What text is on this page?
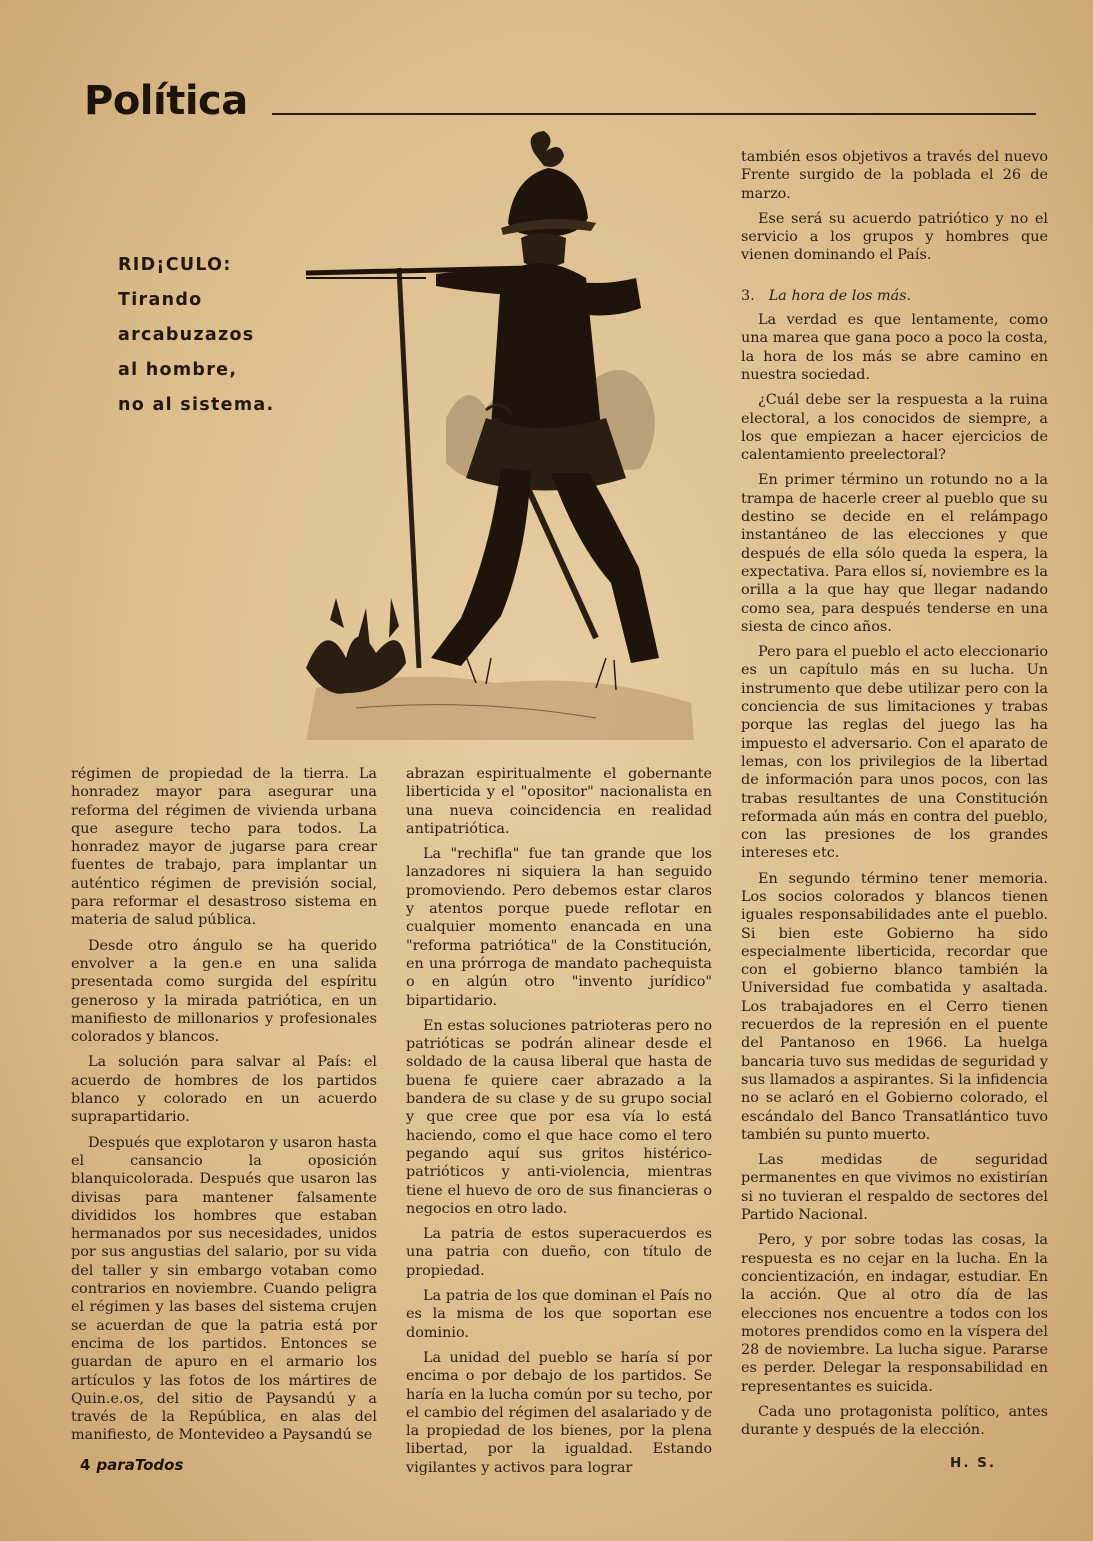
Política
RID¡CULO:
Tirando
arcabuzazos
al hombre,
no al sistema.

régimen de propiedad de la tierra. La honradez mayor para asegurar una reforma del régimen de vivienda urbana que asegure techo para todos. La honradez mayor de jugarse para crear fuentes de trabajo, para implantar un auténtico régimen de previsión social, para reformar el desastroso sistema en materia de salud pública.

Desde otro ángulo se ha querido envolver a la gen.e en una salida presentada como surgida del espíritu generoso y la mirada patriótica, en un manifiesto de millonarios y profesionales colorados y blancos.

La solución para salvar al País: el acuerdo de hombres de los partidos blanco y colorado en un acuerdo suprapartidario.

Después que explotaron y usaron hasta el cansancio la oposición blanquicolorada. Después que usaron las divisas para mantener falsamente divididos los hombres que estaban hermanados por sus necesidades, unidos por sus angustias del salario, por su vida del taller y sin embargo votaban como contrarios en noviembre. Cuando peligra el régimen y las bases del sistema crujen se acuerdan de que la patria está por encima de los partidos. Entonces se guardan de apuro en el armario los artículos y las fotos de los mártires de Quin.e.os, del sitio de Paysandú y a través de la República, en alas del manifiesto, de Montevideo a Paysandú se

abrazan espiritualmente el gobernante liberticida y el "opositor" nacionalista en una nueva coincidencia en realidad antipatriótica.

La "rechifla" fue tan grande que los lanzadores ni siquiera la han seguido promoviendo. Pero debemos estar claros y atentos porque puede reflotar en cualquier momento enancada en una "reforma patriótica" de la Constitución, en una prórroga de mandato pachequista o en algún otro "invento jurídico" bipartidario.

En estas soluciones patrioteras pero no patrióticas se podrán alinear desde el soldado de la causa liberal que hasta de buena fe quiere caer abrazado a la bandera de su clase y de su grupo social y que cree que por esa vía lo está haciendo, como el que hace como el tero pegando aquí sus gritos histérico-patrióticos y anti-violencia, mientras tiene el huevo de oro de sus financieras o negocios en otro lado.

La patria de estos superacuerdos es una patria con dueño, con título de propiedad.

La patria de los que dominan el País no es la misma de los que soportan ese dominio.

La unidad del pueblo se haría sí por encima o por debajo de los partidos. Se haría en la lucha común por su techo, por el cambio del régimen del asalariado y de la propiedad de los bienes, por la plena libertad, por la igualdad. Estando vigilantes y activos para lograr

también esos objetivos a través del nuevo Frente surgido de la poblada el 26 de marzo.

Ese será su acuerdo patriótico y no el servicio a los grupos y hombres que vienen dominando el País.

3. La hora de los más.

La verdad es que lentamente, como una marea que gana poco a poco la costa, la hora de los más se abre camino en nuestra sociedad.

¿Cuál debe ser la respuesta a la ruina electoral, a los conocidos de siempre, a los que empiezan a hacer ejercicios de calentamiento preelectoral?

En primer término un rotundo no a la trampa de hacerle creer al pueblo que su destino se decide en el relámpago instantáneo de las elecciones y que después de ella sólo queda la espera, la expectativa. Para ellos sí, noviembre es la orilla a la que hay que llegar nadando como sea, para después tenderse en una siesta de cinco años.

Pero para el pueblo el acto eleccionario es un capítulo más en su lucha. Un instrumento que debe utilizar pero con la conciencia de sus limitaciones y trabas porque las reglas del juego las ha impuesto el adversario. Con el aparato de lemas, con los privilegios de la libertad de información para unos pocos, con las trabas resultantes de una Constitución reformada aún más en contra del pueblo, con las presiones de los grandes intereses etc.

En segundo término tener memoria. Los socios colorados y blancos tienen iguales responsabilidades ante el pueblo. Si bien este Gobierno ha sido especialmente liberticida, recordar que con el gobierno blanco también la Universidad fue combatida y asaltada. Los trabajadores en el Cerro tienen recuerdos de la represión en el puente del Pantanoso en 1966. La huelga bancaria tuvo sus medidas de seguridad y sus llamados a aspirantes. Si la infidencia no se aclaró en el Gobierno colorado, el escándalo del Banco Transatlántico tuvo también su punto muerto.

Las medidas de seguridad permanentes en que vivimos no existirían si no tuvieran el respaldo de sectores del Partido Nacional.

Pero, y por sobre todas las cosas, la respuesta es no cejar en la lucha. En la concientización, en indagar, estudiar. En la acción. Que al otro día de las elecciones nos encuentre a todos con los motores prendidos como en la víspera del 28 de noviembre. La lucha sigue. Pararse es perder. Delegar la responsabilidad en representantes es suicida.

Cada uno protagonista político, antes durante y después de la elección.

H. S.
4 paraTodos
